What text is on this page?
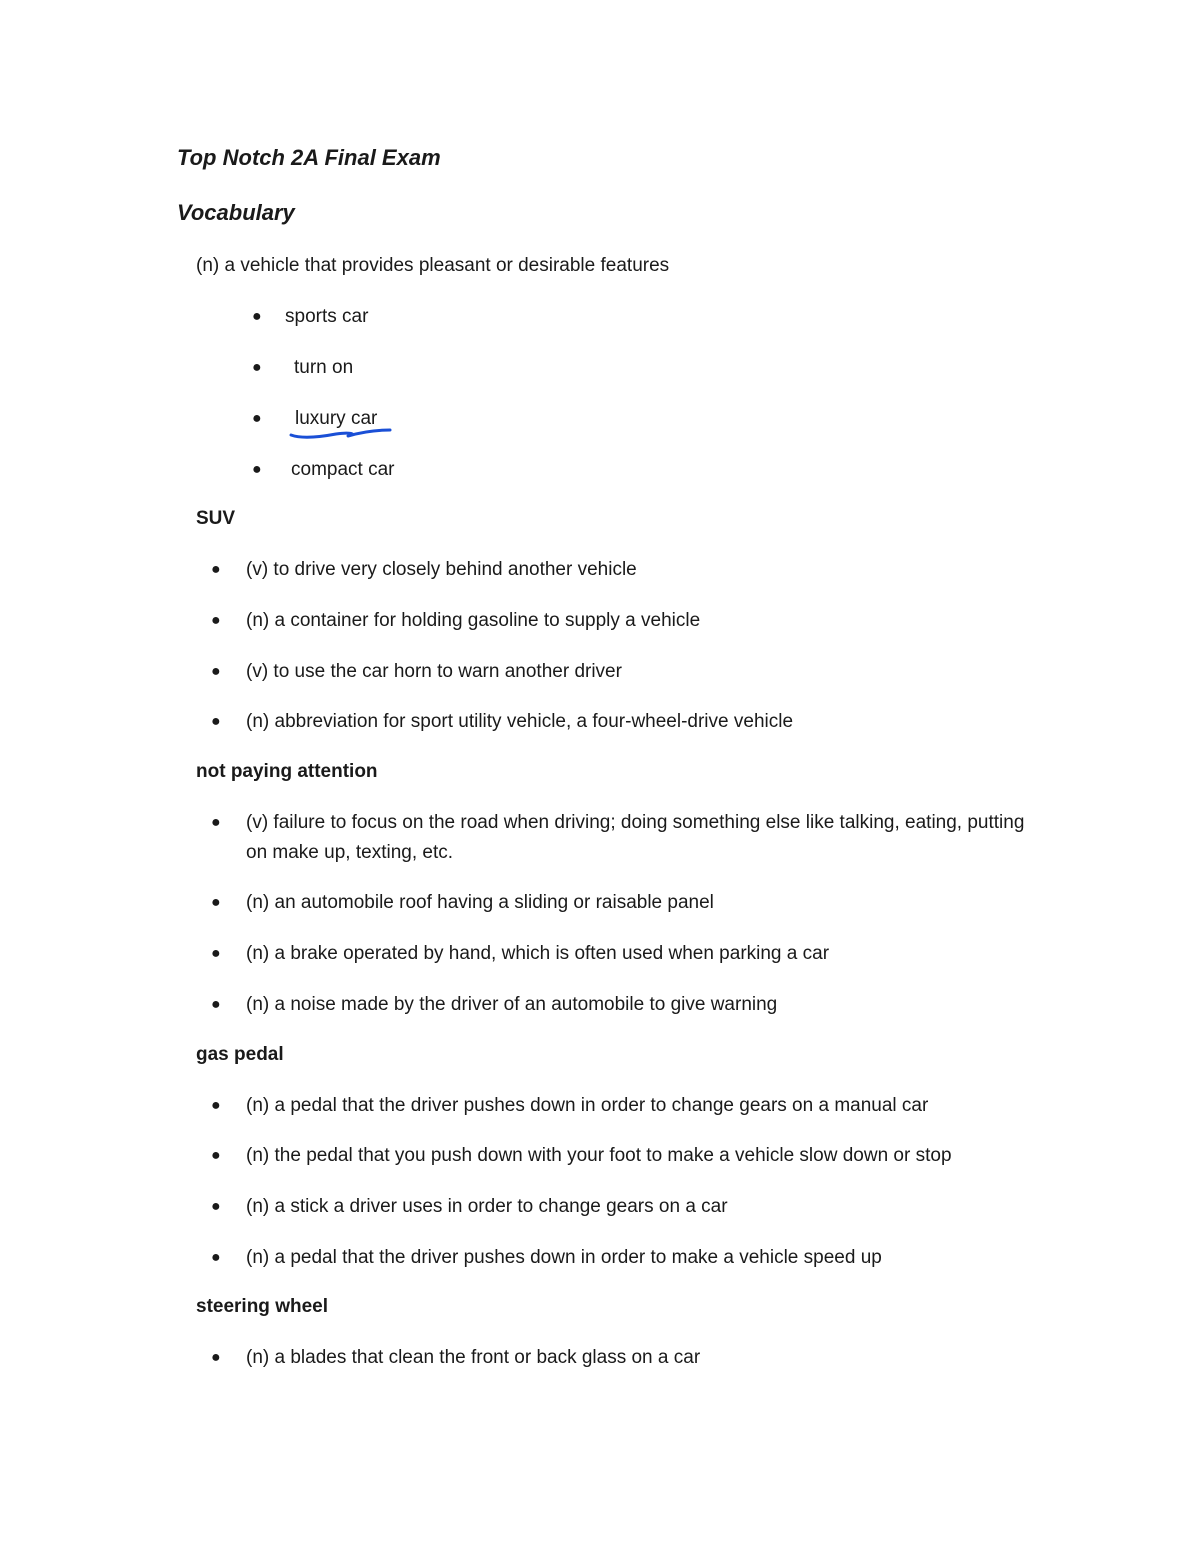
Top Notch 2A Final Exam
Vocabulary
(n) a vehicle that provides pleasant or desirable features
● sports car
● turn on
● luxury car
● compact car
SUV
● (v) to drive very closely behind another vehicle
● (n) a container for holding gasoline to supply a vehicle
● (v) to use the car horn to warn another driver
● (n) abbreviation for sport utility vehicle, a four-wheel-drive vehicle
not paying attention
● (v) failure to focus on the road when driving; doing something else like talking, eating, putting on make up, texting, etc.
● (n) an automobile roof having a sliding or raisable panel
● (n) a brake operated by hand, which is often used when parking a car
● (n) a noise made by the driver of an automobile to give warning
gas pedal
● (n) a pedal that the driver pushes down in order to change gears on a manual car
● (n) the pedal that you push down with your foot to make a vehicle slow down or stop
● (n) a stick a driver uses in order to change gears on a car
● (n) a pedal that the driver pushes down in order to make a vehicle speed up
steering wheel
● (n) a blades that clean the front or back glass on a car
